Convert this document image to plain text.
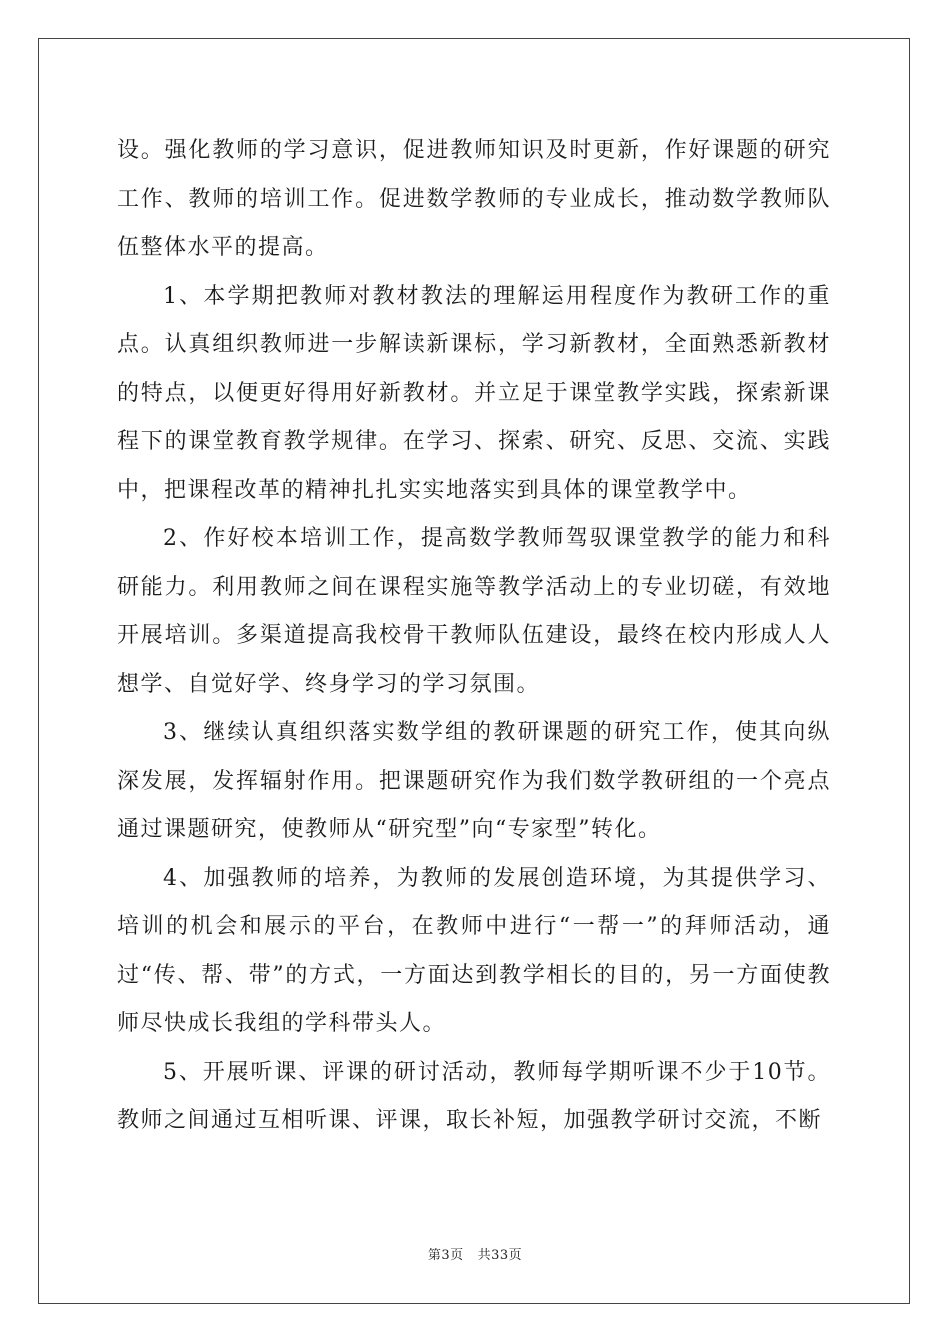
设。强化教师的学习意识，促进教师知识及时更新，作好课题的研究工作、教师的培训工作。促进数学教师的专业成长，推动数学教师队伍整体水平的提高。

1、本学期把教师对教材教法的理解运用程度作为教研工作的重点。认真组织教师进一步解读新课标，学习新教材，全面熟悉新教材的特点，以便更好得用好新教材。并立足于课堂教学实践，探索新课程下的课堂教育教学规律。在学习、探索、研究、反思、交流、实践中，把课程改革的精神扎扎实实地落实到具体的课堂教学中。

2、作好校本培训工作，提高数学教师驾驭课堂教学的能力和科研能力。利用教师之间在课程实施等教学活动上的专业切磋，有效地开展培训。多渠道提高我校骨干教师队伍建设，最终在校内形成人人想学、自觉好学、终身学习的学习氛围。

3、继续认真组织落实数学组的教研课题的研究工作，使其向纵深发展，发挥辐射作用。把课题研究作为我们数学教研组的一个亮点通过课题研究，使教师从“研究型”向“专家型”转化。

4、加强教师的培养，为教师的发展创造环境，为其提供学习、培训的机会和展示的平台，在教师中进行“一帮一”的拜师活动，通过“传、帮、带”的方式，一方面达到教学相长的目的，另一方面使教师尽快成长我组的学科带头人。

5、开展听课、评课的研讨活动，教师每学期听课不少于10节。教师之间通过互相听课、评课，取长补短，加强教学研讨交流，不断

第3页 共33页
